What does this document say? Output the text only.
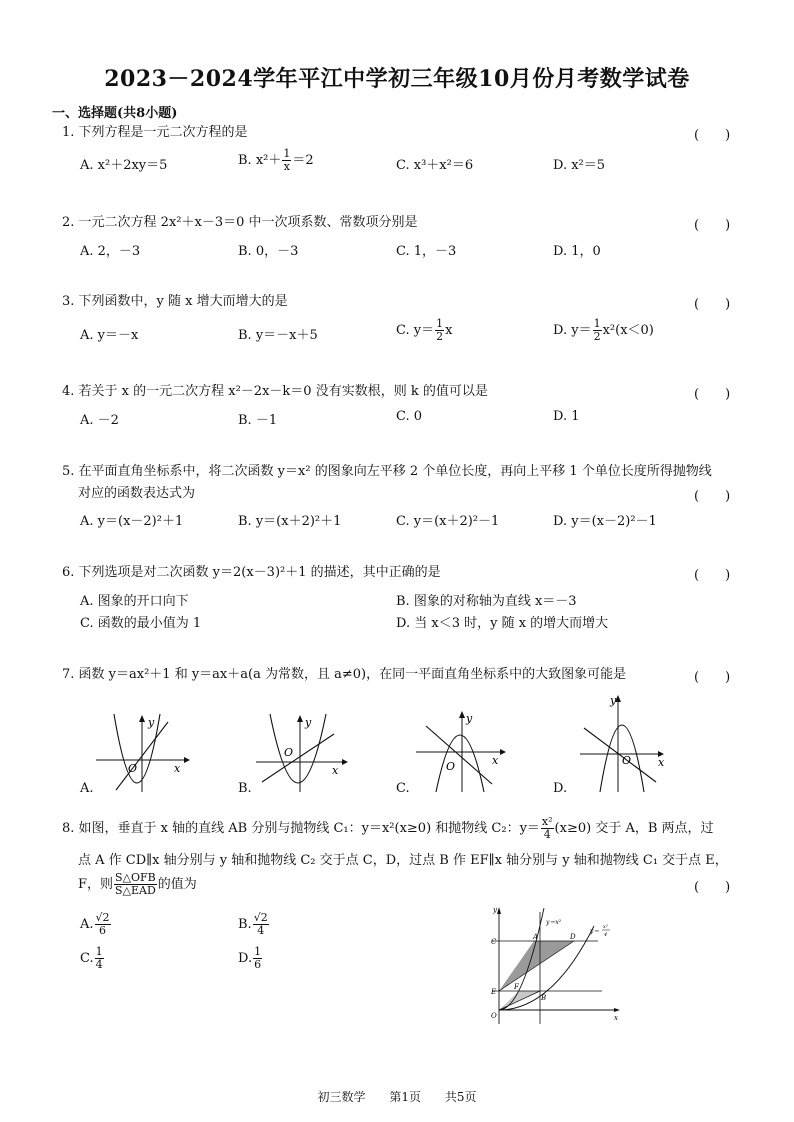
2023－2024学年平江中学初三年级10月份月考数学试卷
一、选择题(共8小题)
1. 下列方程是一元二次方程的是	(　　)
A. x²＋2xy＝5	B. $x^2+ \frac{1}{x} =2$	C. x³＋x²＝6	D. x²＝5
2. 一元二次方程 2x²＋x－3＝0 中一次项系数、常数项分别是	(　　)
A. 2，－3	B. 0，－3	C. 1，－3	D. 1，0
3. 下列函数中，y 随 x 增大而增大的是	(　　)
A. y＝－x	B. y＝－x＋5	C. $y= \frac{1}{2}$ x	D. $y= \frac{1}{2} x^2(x<0)$
4. 若关于 x 的一元二次方程 x²－2x－k＝0 没有实数根，则 k 的值可以是	(　　)
A. －2	B. －1	C. 0	D. 1
5. 在平面直角坐标系中，将二次函数 y＝x² 的图象向左平移 2 个单位长度，再向上平移 1 个单位长度所得抛物线
对应的函数表达式为	(　　)
A. y＝(x－2)²＋1	B. y＝(x＋2)²＋1	C. y＝(x＋2)²－1	D. y＝(x－2)²－1
6. 下列选项是对二次函数 y＝2(x－3)²＋1 的描述，其中正确的是	(　　)
A. 图象的开口向下	B. 图象的对称轴为直线 x＝－3
C. 函数的最小值为 1	D. 当 x＜3 时，y 随 x 的增大而增大
7. 函数 y＝ax²＋1 和 y＝ax＋a(a 为常数，且 a≠0)，在同一平面直角坐标系中的大致图象可能是	(　　)
y
x
O
A.
y
x
O
B.
y
x
O
C.
y
x
O
D.
8. 如图，垂直于 x 轴的直线 AB 分别与抛物线 C₁：y＝x²(x≥0) 和抛物线 C₂：$y= \frac{\text{x²}}{4} (x\ge 0)$ 交于 A，B 两点，过
点 A 作 CD∥x 轴分别与 y 轴和抛物线 C₂ 交于点 C，D，过点 B 作 EF∥x 轴分别与 y 轴和抛物线 C₁ 交于点 E，
F，则 $\frac{\text{S△OFB}}{\text{S△EAD}}$ 的值为	(　　)
A. $\frac{√2}{6}$	B. $\frac{√2}{4}$
C. $\frac{1}{4}$	D. $\frac{1}{6}$
y
x
O
C
A	D
E
F
B
y＝x²
y＝
x²
4
初三数学 第1页 共5页
